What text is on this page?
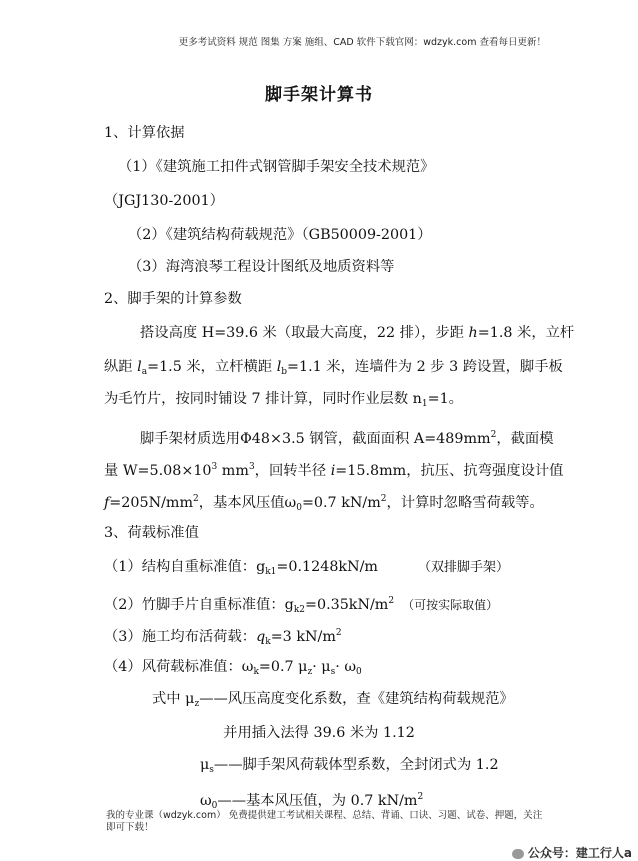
更多考试资料 规范 图集 方案 施组、CAD 软件下载官网：wdzyk.com 查看每日更新！
脚手架计算书
1、计算依据
（1）《建筑施工扣件式钢管脚手架安全技术规范》
（JGJ130-2001）
（2）《建筑结构荷载规范》（GB50009-2001）
（3）海湾浪琴工程设计图纸及地质资料等
2、脚手架的计算参数
搭设高度 H=39.6 米（取最大高度，22 排），步距 h=1.8 米，立杆
纵距 $l_a=1.5$ 米，立杆横距 $l_b=1.1$ 米，连墙件为 2 步 3 跨设置，脚手板
为毛竹片，按同时铺设 7 排计算，同时作业层数 $n_1=1$。
脚手架材质选用Φ48×3.5 钢管，截面面积 $A=489mm^2$，截面模
量 $W=5.08\times 10^3$ $mm^3$，回转半径 i=15.8mm，抗压、抗弯强度设计值
$f=205N/mm^2$，基本风压值$\omega_0=0.7$ $kN/m^2$，计算时忽略雪荷载等。
3、荷载标准值
（1）结构自重标准值：$g_{k1}=0.1248kN/m$	（双排脚手架）
（2）竹脚手片自重标准值：$g_{k2}=0.35kN/m^2$ （可按实际取值）
（3）施工均布活荷载：$q_k=3$ $kN/m^2$
（4）风荷载标准值：$\omega_k=0.7$ $\mu_z\cdot \mu_s\cdot \omega_0$
式中 $\mu_z——$风压高度变化系数，查《建筑结构荷载规范》
并用插入法得 39.6 米为 1.12
$\mu_s——$脚手架风荷载体型系数，全封闭式为 1.2
$\omega_0——$基本风压值，为 0.7 $kN/m^2$
我的专业课（wdzyk.com） 免费提供建工考试相关课程、总结、背诵、口诀、习题、试卷、押题，关注即可下载！
公众号：建工行人a
